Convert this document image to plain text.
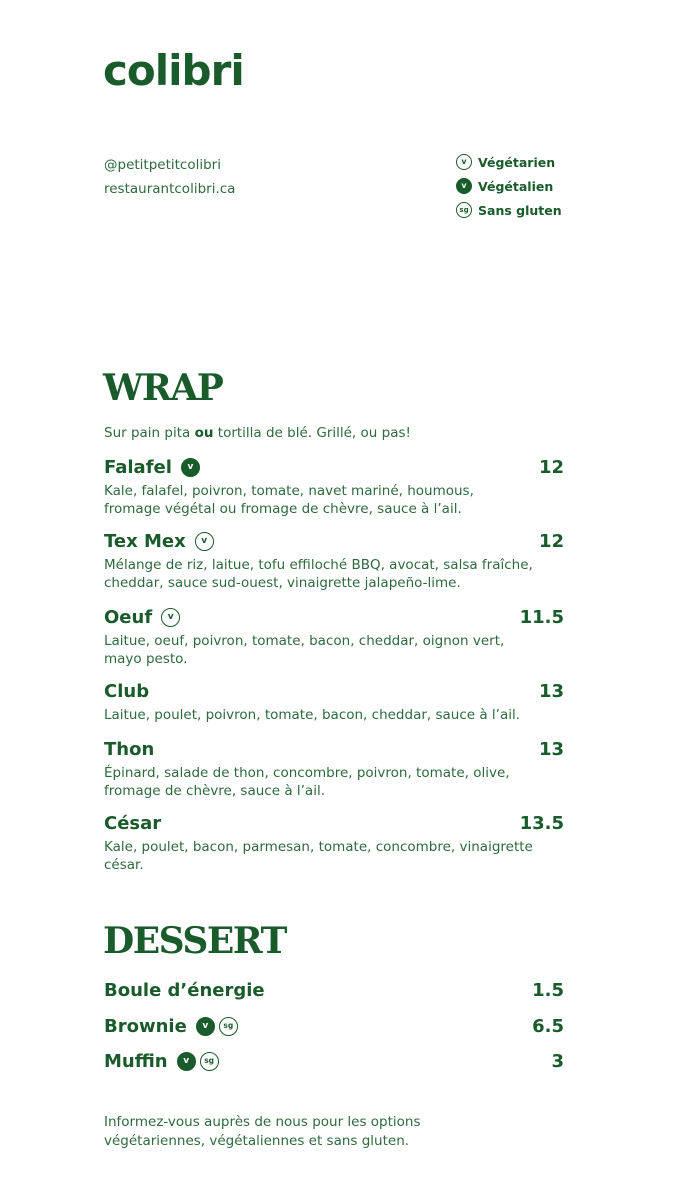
colibri
@petitpetitcolibri
restaurantcolibri.ca
v Végétarien
v Végétalien
sg Sans gluten
WRAP
Sur pain pita ou tortilla de blé. Grillé, ou pas!
Falafel	v	12
Kale, falafel, poivron, tomate, navet mariné, houmous, fromage végétal ou fromage de chèvre, sauce à l’ail.
Tex Mex	v	12
Mélange de riz, laitue, tofu effiloché BBQ, avocat, salsa fraîche, cheddar, sauce sud-ouest, vinaigrette jalapeño-lime.
Oeuf	v	11.5
Laitue, oeuf, poivron, tomate, bacon, cheddar, oignon vert, mayo pesto.
Club	13
Laitue, poulet, poivron, tomate, bacon, cheddar, sauce à l’ail.
Thon	13
Épinard, salade de thon, concombre, poivron, tomate, olive, fromage de chèvre, sauce à l’ail.
César	13.5
Kale, poulet, bacon, parmesan, tomate, concombre, vinaigrette césar.
DESSERT
Boule d’énergie	1.5
Brownie	v	sg	6.5
Muffin	v	sg	3
Informez-vous auprès de nous pour les options végétariennes, végétaliennes et sans gluten.
